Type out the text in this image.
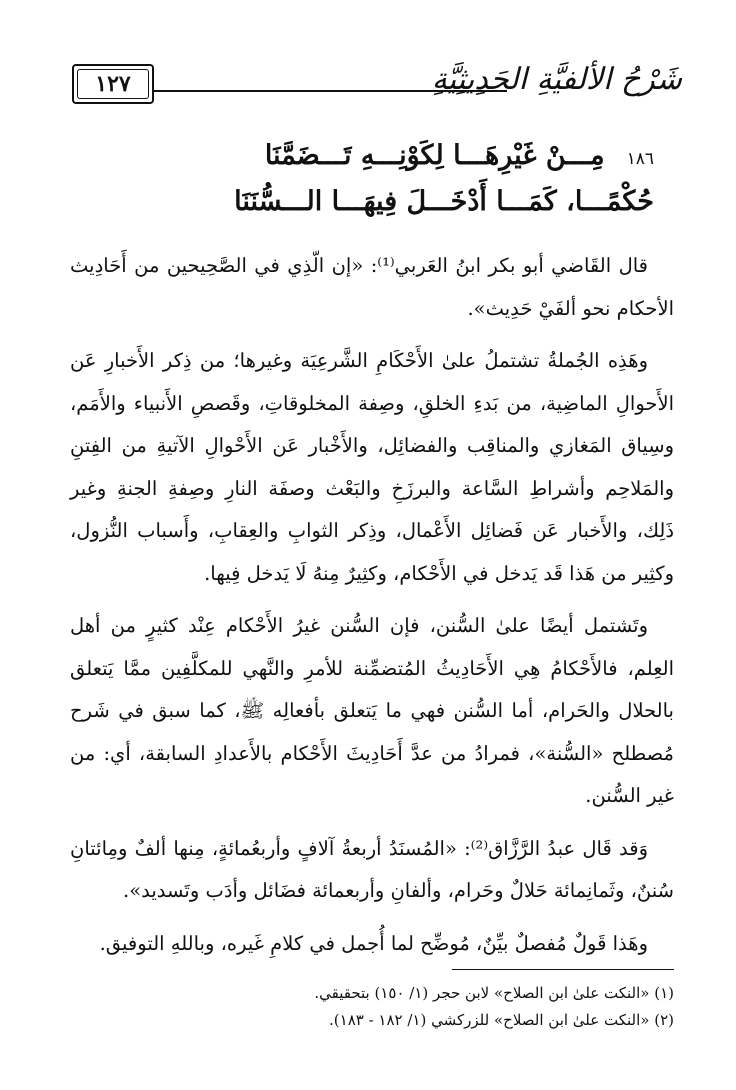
١٢٧	شَرْحُ الألفيَّةِ الحَدِيثِيَّةِ
١٨٦مِـــنْ غَيْرِهَـــا لِكَوْنِـــهِ تَـــضَمَّنَا
حُكْمًـــا، كَمَـــا أَدْخَـــلَ فِيهَـــا الـــسُّنَنَا

قال القَاضي أبو بكر ابنُ العَربي⁽¹⁾: «إن الّذِي في الصَّحِيحين من أَحَادِيث الأحكام نحو ألفَيْ حَدِيث».

وهَذِه الجُملةُ تشتملُ علىٰ الأَحْكَامِ الشَّرعِيَة وغيرها؛ من ذِكر الأَخبارِ عَن الأَحوالِ الماضِية، من بَدءِ الخلقِ، وصِفة المخلوقاتِ، وقَصصِ الأَنبياء والأَمَم، وسِياق المَغازي والمناقِب والفضائِل، والأَخْبار عَن الأَحْوالِ الآتيةِ من الفِتنِ والمَلاحِم وأشراطِ السَّاعة والبرزَخِ والبَعْث وصفَة النارِ وصِفةِ الجنةِ وغير ذَلِك، والأَخبار عَن فَضائِل الأَعْمال، وذِكر الثوابِ والعِقابِ، وأَسباب النُّزول، وكثِير من هَذا قَد يَدخل في الأَحْكام، وكثِيرٌ مِنهُ لَا يَدخل فِيها.

وتَشتمل أيضًا علىٰ السُّنن، فإن السُّنن غيرُ الأَحْكام عِنْد كثيرٍ من أهل العِلم، فالأَحْكامُ هِي الأَحَادِيثُ المُتضمِّنة للأمرِ والنَّهي للمكلَّفِين ممَّا يَتعلق بالحلال والحَرام، أما السُّنن فهي ما يَتعلق بأفعالِه ﷺ، كما سبق في شَرح مُصطلح «السُّنة»، فمرادُ من عدَّ أَحَادِيثَ الأَحْكام بالأَعدادِ السابقة، أي: من غير السُّنن.

وَقد قَال عبدُ الرَّزَّاق⁽²⁾: «المُسنَدُ أربعةُ آلافٍ وأربعُمائةٍ، مِنها ألفٌ ومِائتانِ سُننٌ، وثَمانِمائة حَلالٌ وحَرام، وألفانِ وأربعمائة فضَائل وأدَب وتَسديد».

وهَذا قَولٌ مُفصلٌ بيِّنٌ، مُوضِّح لما أُجمل في كلامِ غَيره، وباللهِ التوفيق.

(١) «النكت علىٰ ابن الصلاح» لابن حجر (١/ ١٥٠) بتحقيقي.
(٢) «النكت علىٰ ابن الصلاح» للزركشي (١/ ١٨٢ - ١٨٣).
